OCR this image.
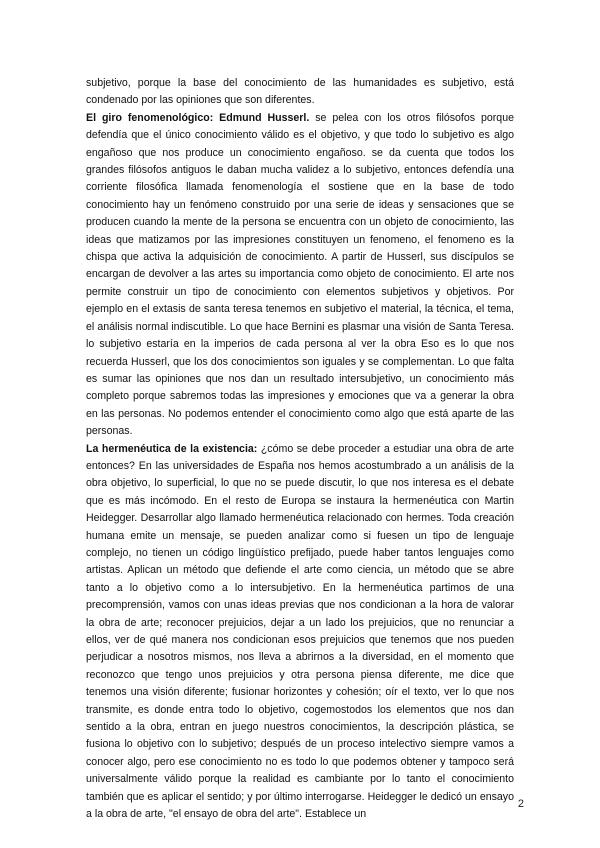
subjetivo, porque la base del conocimiento de las humanidades es subjetivo, está condenado por las opiniones que son diferentes.

El giro fenomenológico: Edmund Husserl. se pelea con los otros filósofos porque defendía que el único conocimiento válido es el objetivo, y que todo lo subjetivo es algo engañoso que nos produce un conocimiento engañoso. se da cuenta que todos los grandes filósofos antiguos le daban mucha validez a lo subjetivo, entonces defendía una corriente filosófica llamada fenomenología el sostiene que en la base de todo conocimiento hay un fenómeno construido por una serie de ideas y sensaciones que se producen cuando la mente de la persona se encuentra con un objeto de conocimiento, las ideas que matizamos por las impresiones constituyen un fenomeno, el fenomeno es la chispa que activa la adquisición de conocimiento. A partir de Husserl, sus discípulos se encargan de devolver a las artes su importancia como objeto de conocimiento. El arte nos permite construir un tipo de conocimiento con elementos subjetivos y objetivos. Por ejemplo en el extasis de santa teresa tenemos en subjetivo el material, la técnica, el tema, el análisis normal indiscutible. Lo que hace Bernini es plasmar una visión de Santa Teresa. lo subjetivo estaría en la imperios de cada persona al ver la obra Eso es lo que nos recuerda Husserl, que los dos conocimientos son iguales y se complementan. Lo que falta es sumar las opiniones que nos dan un resultado intersubjetivo, un conocimiento más completo porque sabremos todas las impresiones y emociones que va a generar la obra en las personas. No podemos entender el conocimiento como algo que está aparte de las personas.

La hermenéutica de la existencia: ¿cómo se debe proceder a estudiar una obra de arte entonces? En las universidades de España nos hemos acostumbrado a un análisis de la obra objetivo, lo superficial, lo que no se puede discutir, lo que nos interesa es el debate que es más incómodo. En el resto de Europa se instaura la hermenéutica con Martin Heidegger. Desarrollar algo llamado hermenéutica relacionado con hermes. Toda creación humana emite un mensaje, se pueden analizar como si fuesen un tipo de lenguaje complejo, no tienen un código lingüístico prefijado, puede haber tantos lenguajes como artistas. Aplican un método que defiende el arte como ciencia, un método que se abre tanto a lo objetivo como a lo intersubjetivo. En la hermenéutica partimos de una precomprensión, vamos con unas ideas previas que nos condicionan a la hora de valorar la obra de arte; reconocer prejuicios, dejar a un lado los prejuicios, que no renunciar a ellos, ver de qué manera nos condicionan esos prejuicios que tenemos que nos pueden perjudicar a nosotros mismos, nos lleva a abrirnos a la diversidad, en el momento que reconozco que tengo unos prejuicios y otra persona piensa diferente, me dice que tenemos una visión diferente; fusionar horizontes y cohesión; oír el texto, ver lo que nos transmite, es donde entra todo lo objetivo, cogemostodos los elementos que nos dan sentido a la obra, entran en juego nuestros conocimientos, la descripción plástica, se fusiona lo objetivo con lo subjetivo; después de un proceso intelectivo siempre vamos a conocer algo, pero ese conocimiento no es todo lo que podemos obtener y tampoco será universalmente válido porque la realidad es cambiante por lo tanto el conocimiento también que es aplicar el sentido; y por último interrogarse. Heidegger le dedicó un ensayo a la obra de arte, "el ensayo de obra del arte". Establece un

2
